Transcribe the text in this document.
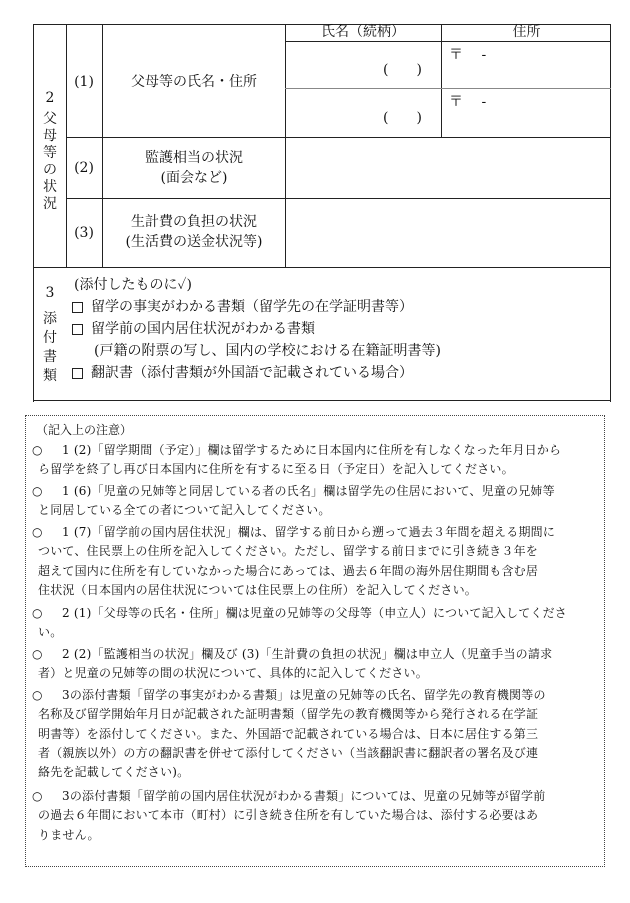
2
父
母
等
の
状
況
氏名（続柄）	住所
(1)	父母等の氏名・住所
(　　)
(　　)
〒　 -
〒　 -
(2)
監護相当の状況
(面会など)
(3)
生計費の負担の状況
(生活費の送金状況等)
3
添
付
書
類
(添付したものに✓)
留学の事実がわかる書類（留学先の在学証明書等）
留学前の国内居住状況がわかる書類
(戸籍の附票の写し、国内の学校における在籍証明書等)
翻訳書（添付書類が外国語で記載されている場合）
（記入上の注意）
○ 1 (2)「留学期間（予定）」欄は留学するために日本国内に住所を有しなくなった年月日から
ら留学を終了し再び日本国内に住所を有するに至る日（予定日）を記入してください。
○ 1 (6)「児童の兄姉等と同居している者の氏名」欄は留学先の住居において、児童の兄姉等
と同居している全ての者について記入してください。
○ 1 (7)「留学前の国内居住状況」欄は、留学する前日から遡って過去３年間を超える期間に
ついて、住民票上の住所を記入してください。ただし、留学する前日までに引き続き３年を
超えて国内に住所を有していなかった場合にあっては、過去６年間の海外居住期間も含む居
住状況（日本国内の居住状況については住民票上の住所）を記入してください。
○ 2 (1)「父母等の氏名・住所」欄は児童の兄姉等の父母等（申立人）について記入してくださ
い。
○ 2 (2)「監護相当の状況」欄及び (3)「生計費の負担の状況」欄は申立人（児童手当の請求
者）と児童の兄姉等の間の状況について、具体的に記入してください。
○ 3の添付書類「留学の事実がわかる書類」は児童の兄姉等の氏名、留学先の教育機関等の
名称及び留学開始年月日が記載された証明書類（留学先の教育機関等から発行される在学証
明書等）を添付してください。また、外国語で記載されている場合は、日本に居住する第三
者（親族以外）の方の翻訳書を併せて添付してください（当該翻訳書に翻訳者の署名及び連
絡先を記載してください)。
○ 3の添付書類「留学前の国内居住状況がわかる書類」については、児童の兄姉等が留学前
の過去６年間において本市（町村）に引き続き住所を有していた場合は、添付する必要はあ
りません。
